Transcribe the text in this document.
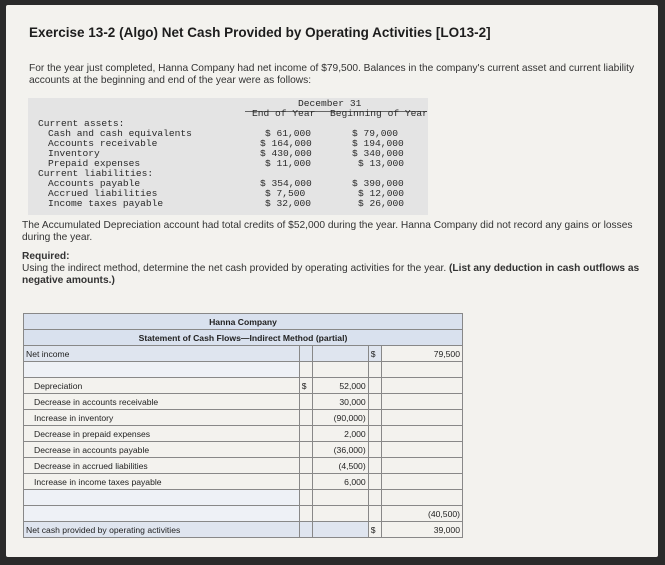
Exercise 13-2 (Algo) Net Cash Provided by Operating Activities [LO13-2]
For the year just completed, Hanna Company had net income of $79,500. Balances in the company's current asset and current liability accounts at the beginning and end of the year were as follows:
December 31
End of Year Beginning of Year
Current assets:
Cash and cash equivalents	$ 61,000	$ 79,000
Accounts receivable	$ 164,000	$ 194,000
Inventory	$ 430,000	$ 340,000
Prepaid expenses	$ 11,000	$ 13,000
Current liabilities:
Accounts payable	$ 354,000	$ 390,000
Accrued liabilities	$ 7,500	$ 12,000
Income taxes payable	$ 32,000	$ 26,000
The Accumulated Depreciation account had total credits of $52,000 during the year. Hanna Company did not record any gains or losses during the year.
Required:
Using the indirect method, determine the net cash provided by operating activities for the year. (List any deduction in cash outflows as negative amounts.)
Hanna Company				
Statement of Cash Flows—Indirect Method (partial)				
Net income			$	79,500

Depreciation	$	52,000		
Decrease in accounts receivable		30,000		
Increase in inventory		(90,000)		
Decrease in prepaid expenses		2,000		
Decrease in accounts payable		(36,000)		
Decrease in accrued liabilities		(4,500)		
Increase in income taxes payable		6,000		

				(40,500)
Net cash provided by operating activities			$	39,000
